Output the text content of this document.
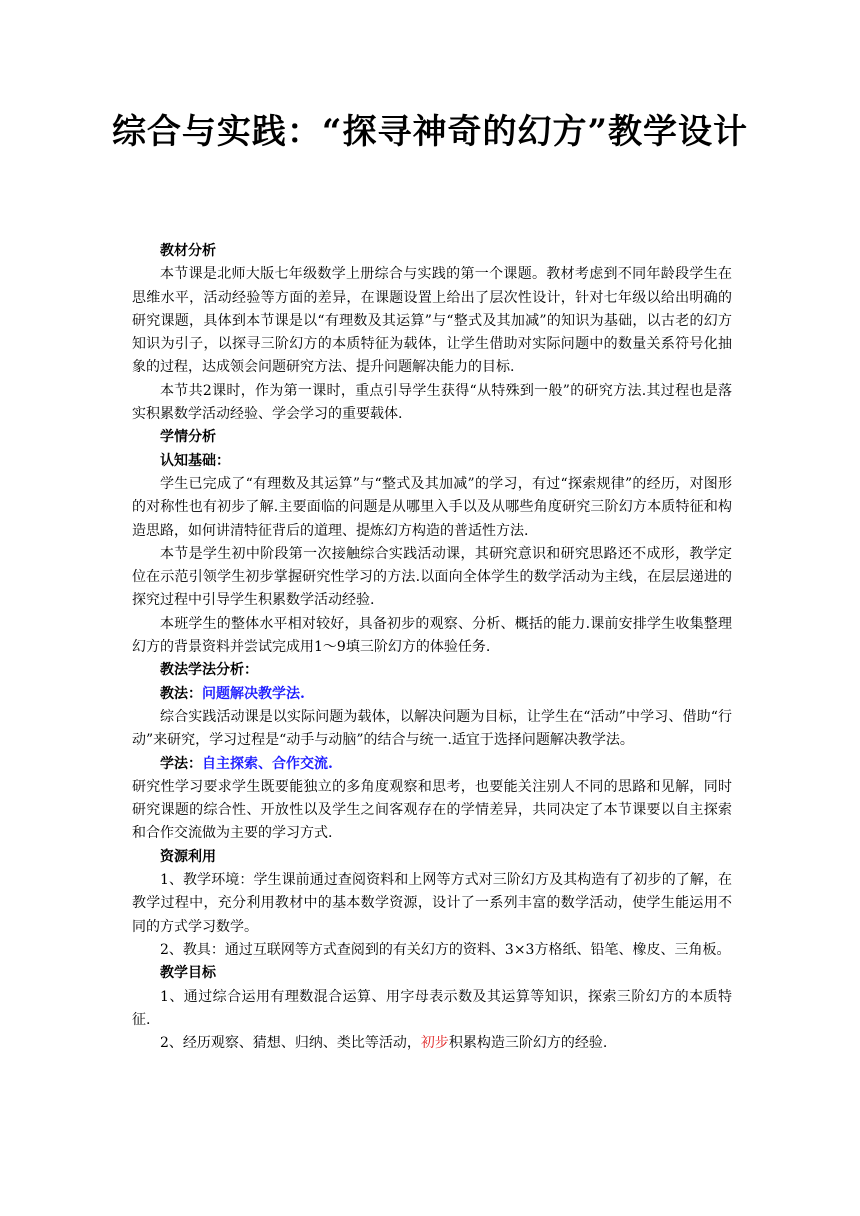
综合与实践：“探寻神奇的幻方”教学设计

教材分析

本节课是北师大版七年级数学上册综合与实践的第一个课题。教材考虑到不同年龄段学生在思维水平，活动经验等方面的差异，在课题设置上给出了层次性设计，针对七年级以给出明确的研究课题，具体到本节课是以“有理数及其运算”与“整式及其加减”的知识为基础，以古老的幻方知识为引子，以探寻三阶幻方的本质特征为载体，让学生借助对实际问题中的数量关系符号化抽象的过程，达成领会问题研究方法、提升问题解决能力的目标.

本节共2课时，作为第一课时，重点引导学生获得“从特殊到一般”的研究方法.其过程也是落实积累数学活动经验、学会学习的重要载体.

学情分析

认知基础：

学生已完成了“有理数及其运算”与“整式及其加减”的学习，有过“探索规律”的经历，对图形的对称性也有初步了解.主要面临的问题是从哪里入手以及从哪些角度研究三阶幻方本质特征和构造思路，如何讲清特征背后的道理、提炼幻方构造的普适性方法.

本节是学生初中阶段第一次接触综合实践活动课，其研究意识和研究思路还不成形，教学定位在示范引领学生初步掌握研究性学习的方法.以面向全体学生的数学活动为主线，在层层递进的探究过程中引导学生积累数学活动经验.

本班学生的整体水平相对较好，具备初步的观察、分析、概括的能力.课前安排学生收集整理幻方的背景资料并尝试完成用1～9填三阶幻方的体验任务.

教法学法分析：

教法：问题解决教学法.

综合实践活动课是以实际问题为载体，以解决问题为目标，让学生在“活动”中学习、借助“行动”来研究，学习过程是“动手与动脑”的结合与统一.适宜于选择问题解决教学法。

学法：自主探索、合作交流.

研究性学习要求学生既要能独立的多角度观察和思考，也要能关注别人不同的思路和见解，同时研究课题的综合性、开放性以及学生之间客观存在的学情差异，共同决定了本节课要以自主探索和合作交流做为主要的学习方式.

资源利用

1、教学环境：学生课前通过查阅资料和上网等方式对三阶幻方及其构造有了初步的了解，在教学过程中，充分利用教材中的基本数学资源，设计了一系列丰富的数学活动，使学生能运用不同的方式学习数学。

2、教具：通过互联网等方式查阅到的有关幻方的资料、3×3方格纸、铅笔、橡皮、三角板。

教学目标

1、通过综合运用有理数混合运算、用字母表示数及其运算等知识，探索三阶幻方的本质特征.

2、经历观察、猜想、归纳、类比等活动，初步积累构造三阶幻方的经验.
